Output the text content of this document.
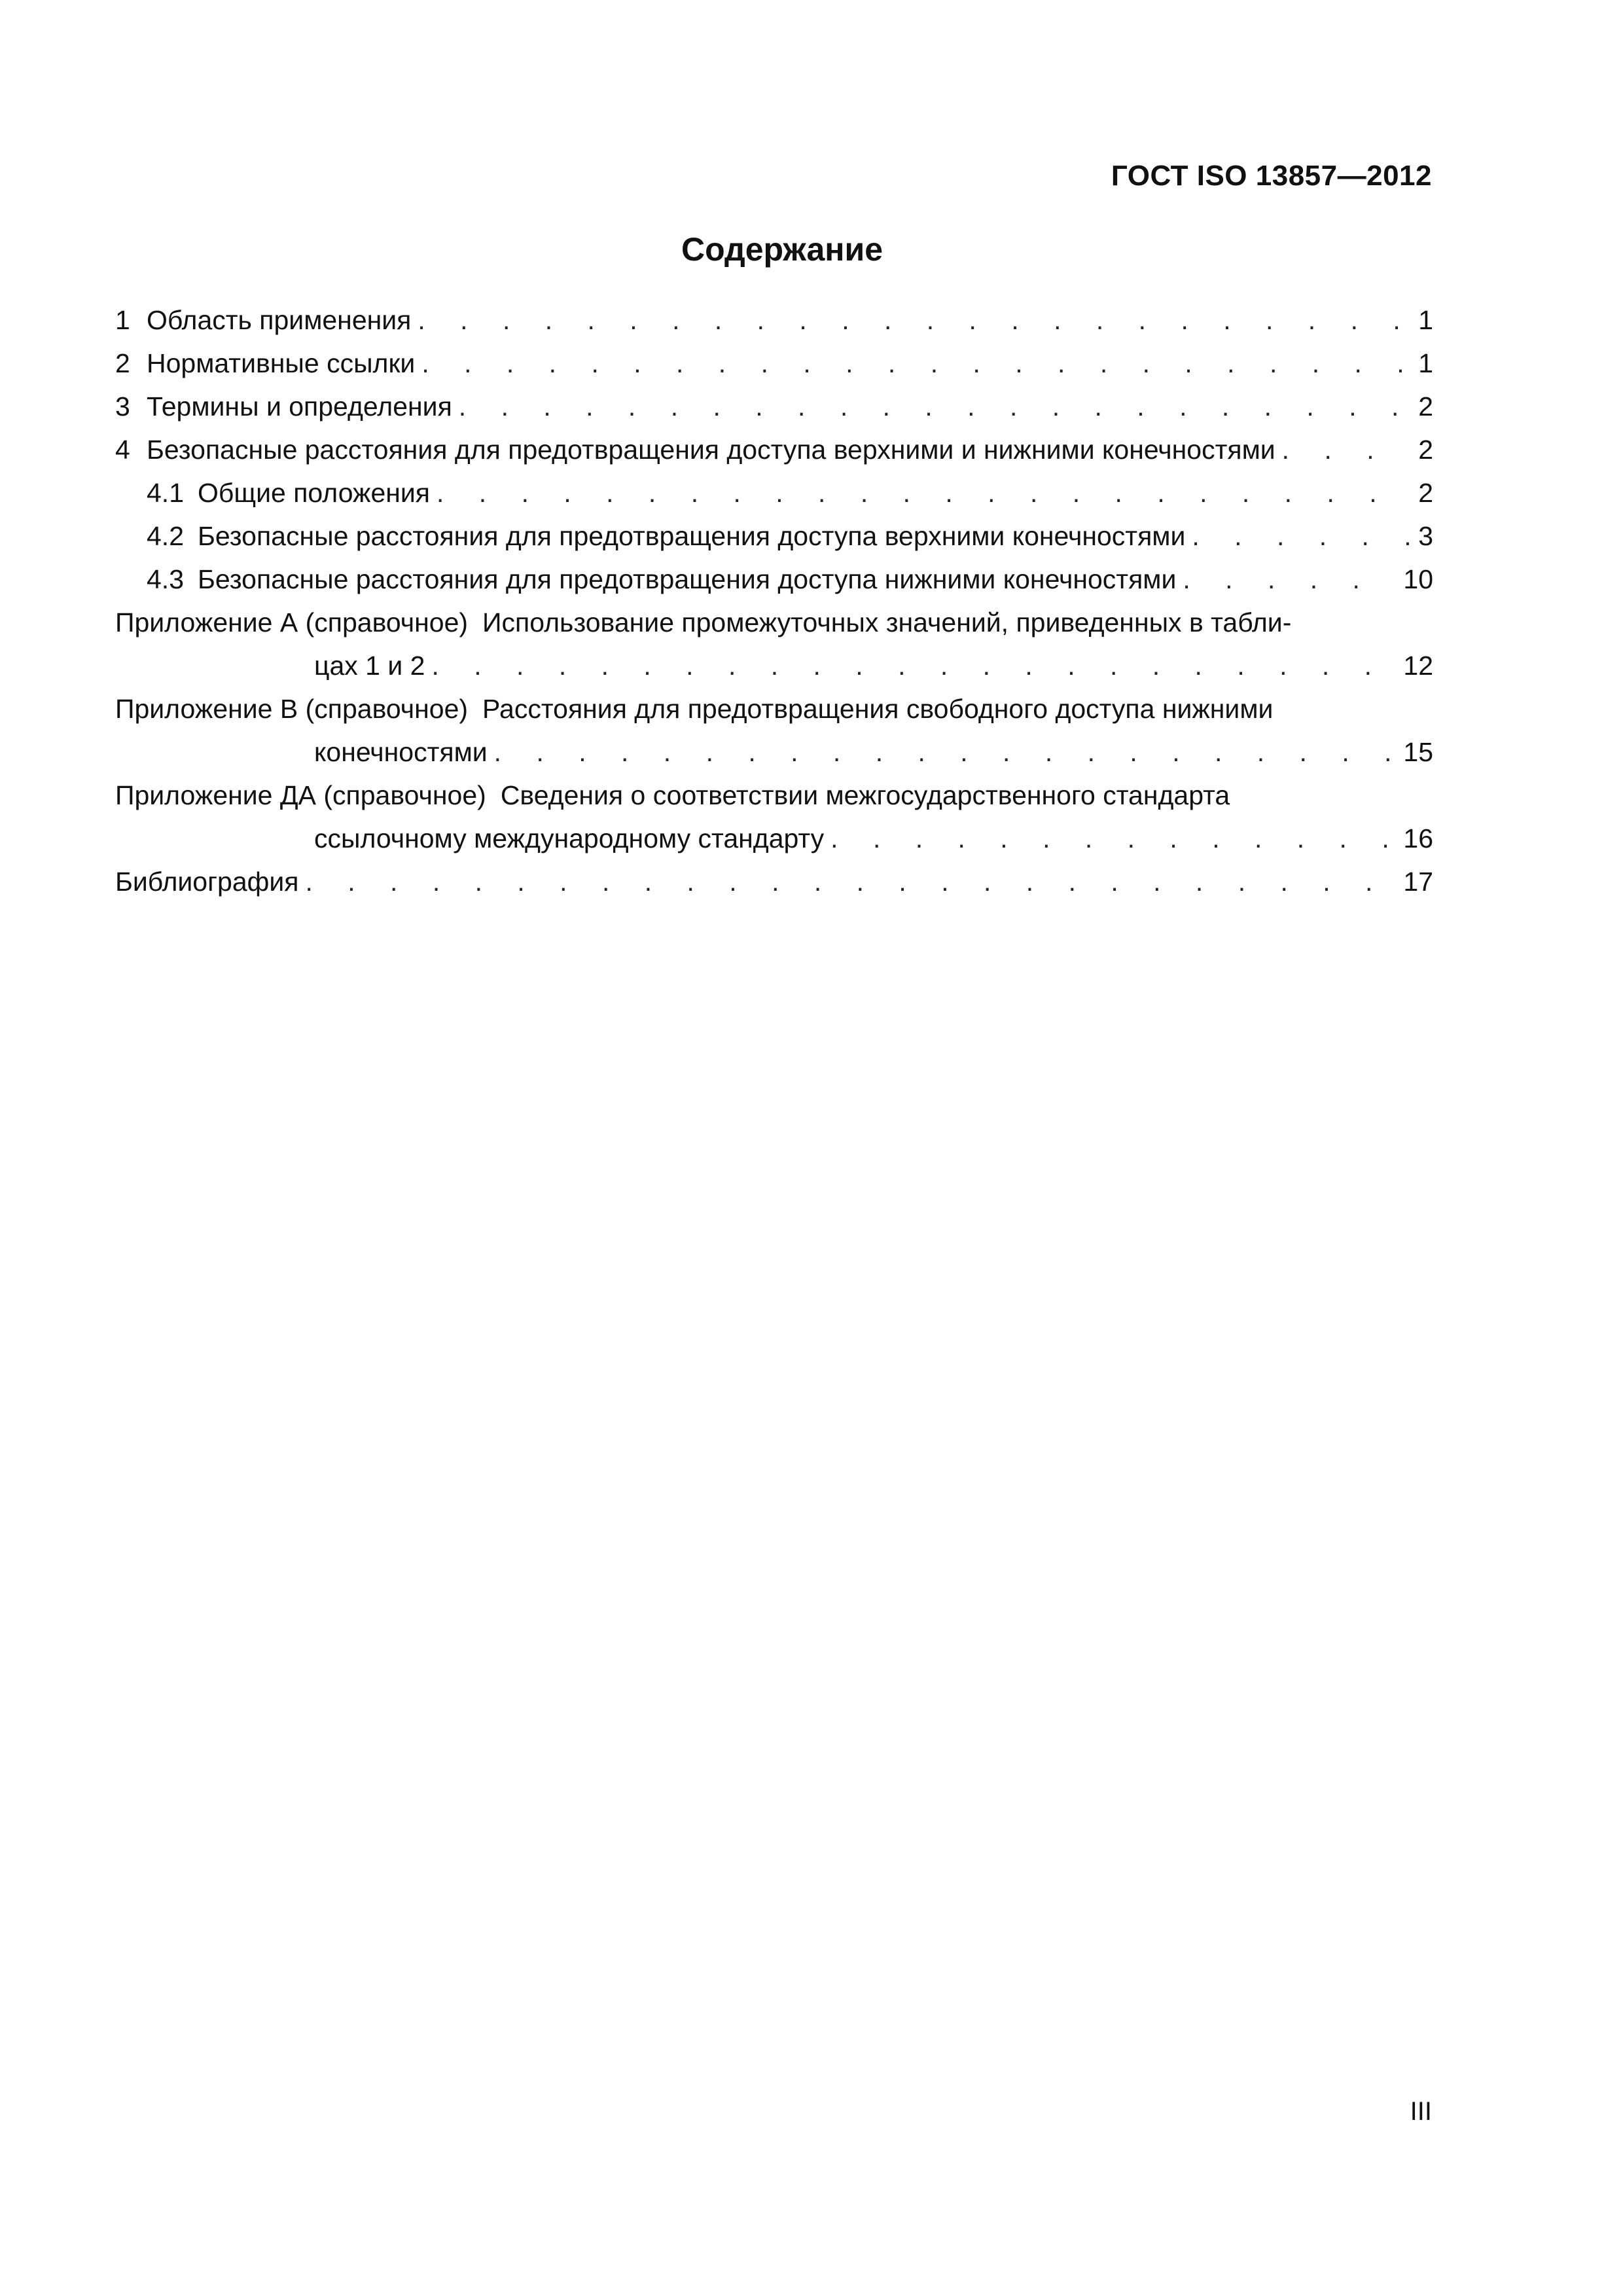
ГОСТ ISO 13857—2012
Содержание
1 Область применения . . .	1
2 Нормативные ссылки . . .	1
3 Термины и определения . . .	2
4 Безопасные расстояния для предотвращения доступа верхними и нижними конечностями . . .	2
4.1 Общие положения . . .	2
4.2 Безопасные расстояния для предотвращения доступа верхними конечностями . . .	3
4.3 Безопасные расстояния для предотвращения доступа нижними конечностями . . .	10
Приложение А (справочное) Использование промежуточных значений, приведенных в табли-
цах 1 и 2 . . .	12
Приложение В (справочное) Расстояния для предотвращения свободного доступа нижними
конечностями . . .	15
Приложение ДА (справочное) Сведения о соответствии межгосударственного стандарта
ссылочному международному стандарту . . .	16
Библиография . . .	17
III
